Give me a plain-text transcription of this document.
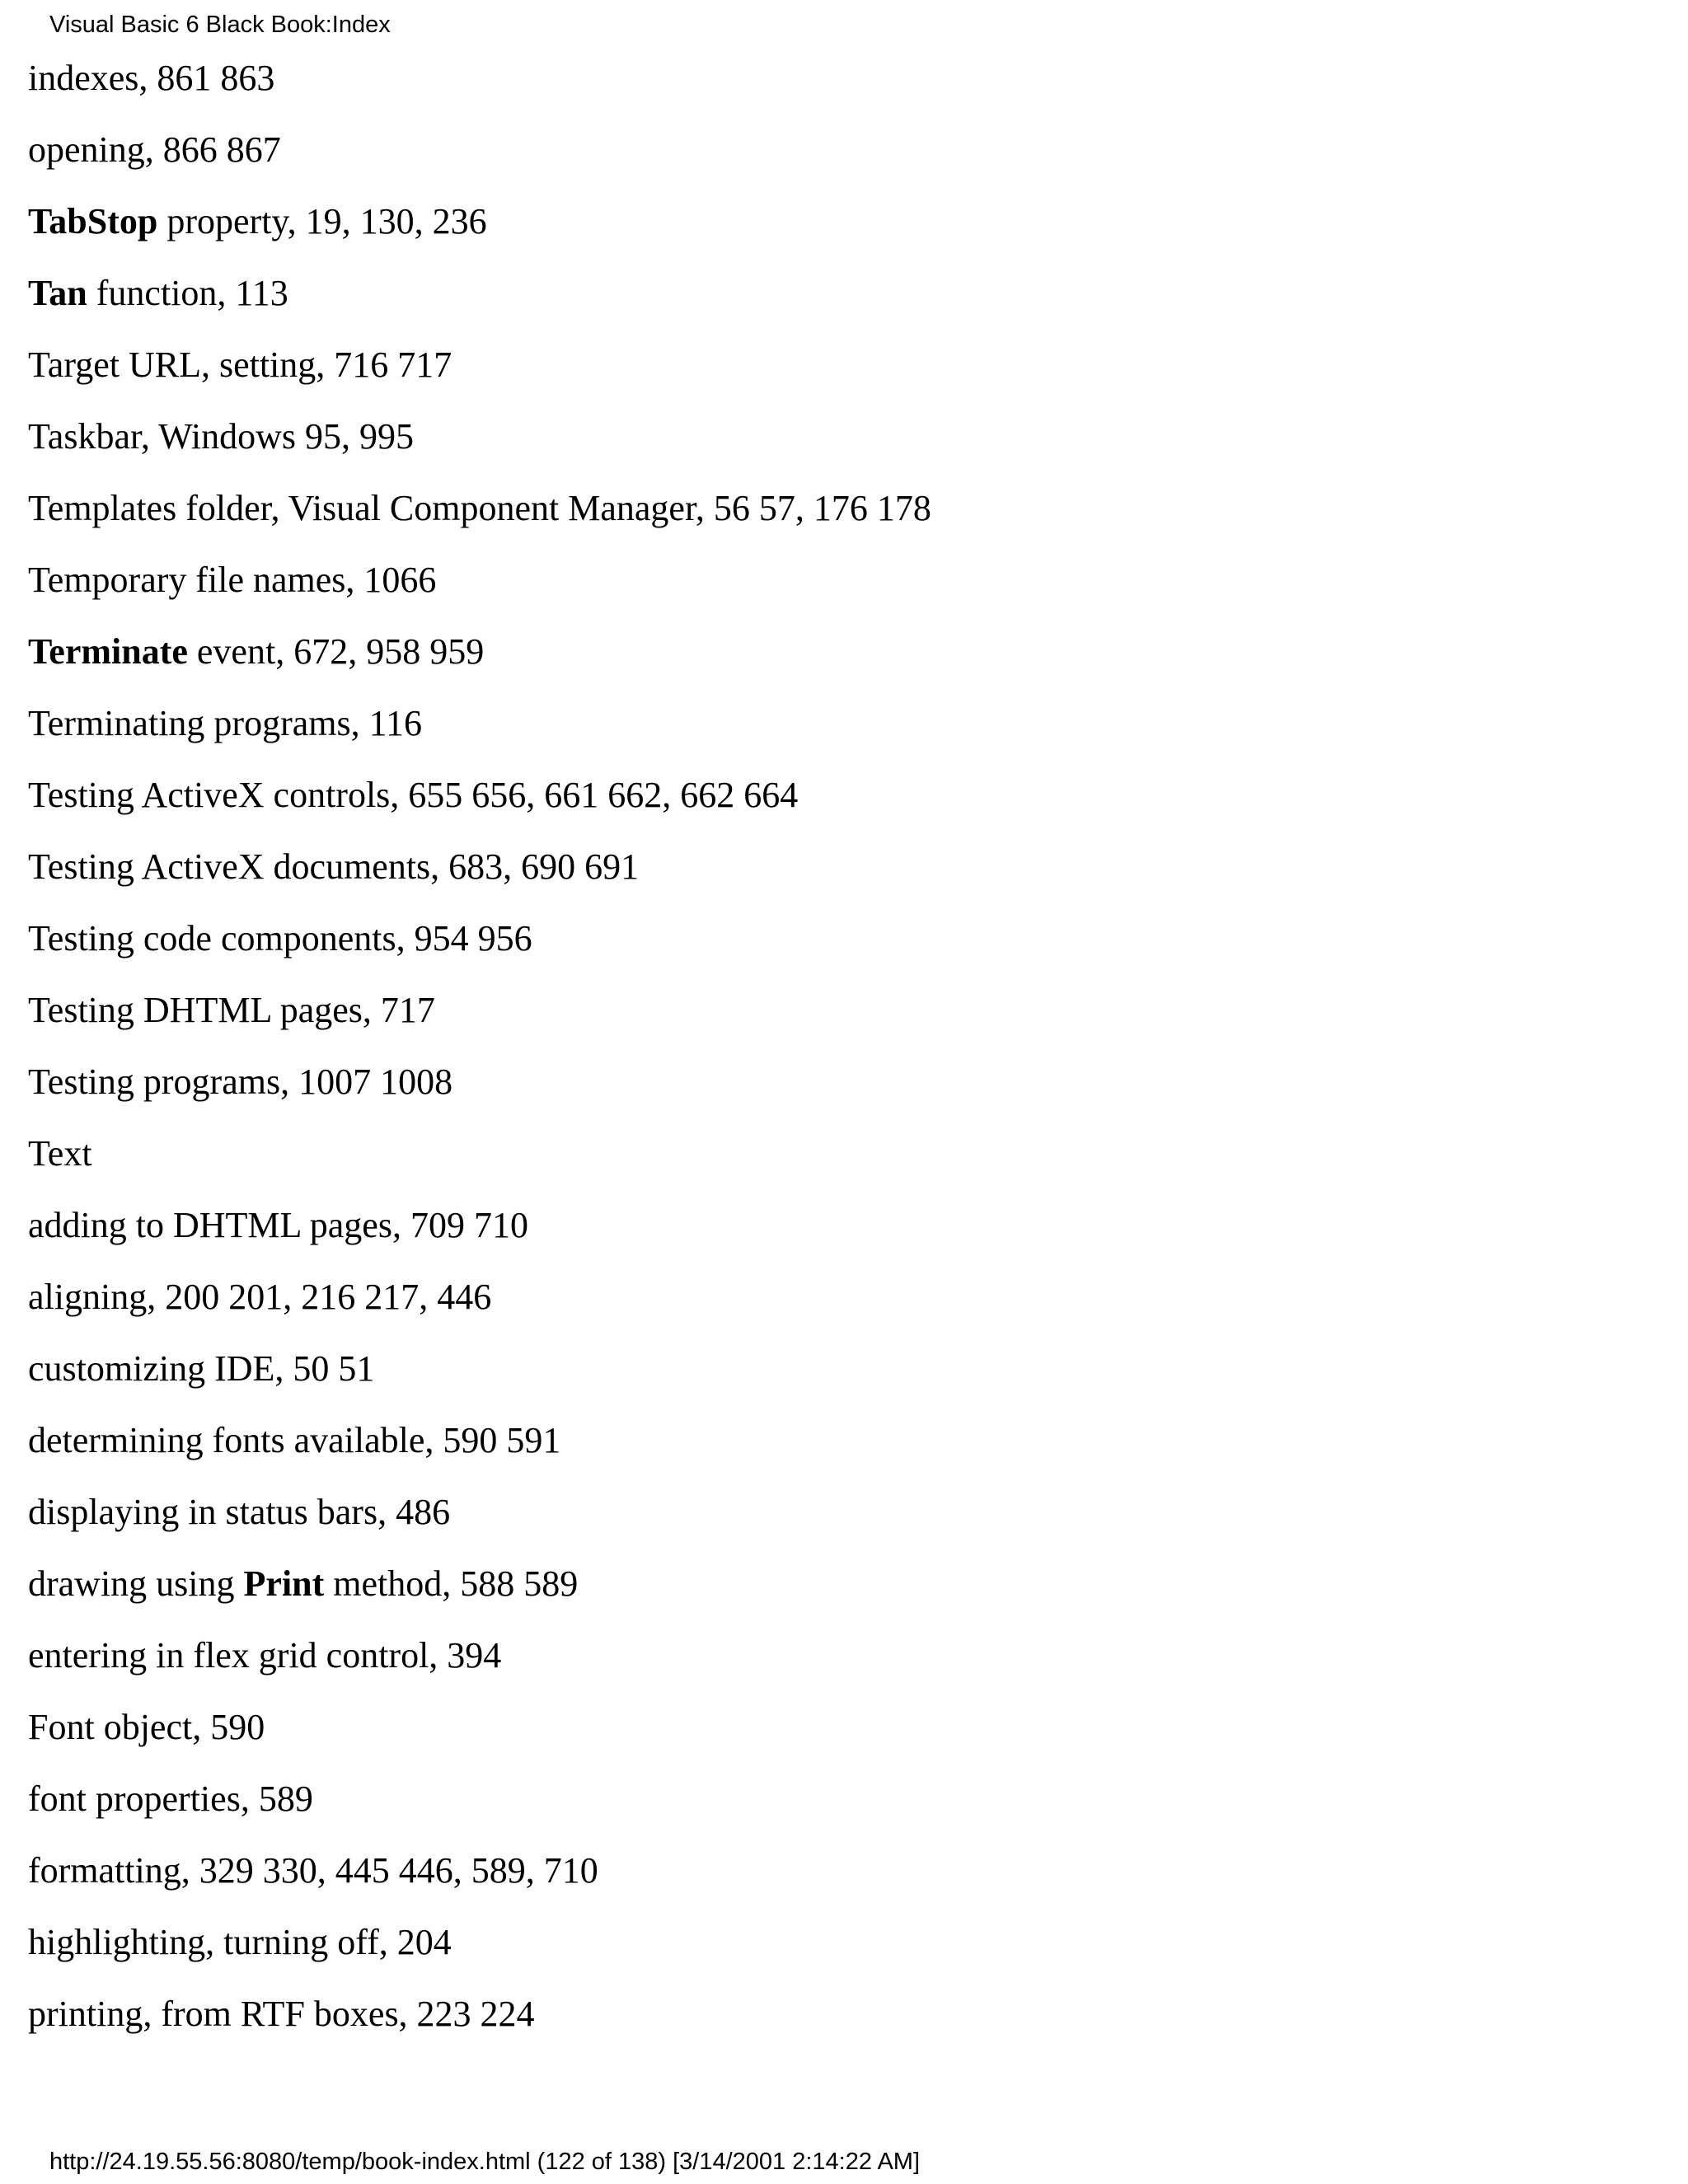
Visual Basic 6 Black Book:Index
indexes, 861 863
opening, 866 867
TabStop property, 19, 130, 236
Tan function, 113
Target URL, setting, 716 717
Taskbar, Windows 95, 995
Templates folder, Visual Component Manager, 56 57, 176 178
Temporary file names, 1066
Terminate event, 672, 958 959
Terminating programs, 116
Testing ActiveX controls, 655 656, 661 662, 662 664
Testing ActiveX documents, 683, 690 691
Testing code components, 954 956
Testing DHTML pages, 717
Testing programs, 1007 1008
Text
adding to DHTML pages, 709 710
aligning, 200 201, 216 217, 446
customizing IDE, 50 51
determining fonts available, 590 591
displaying in status bars, 486
drawing using Print method, 588 589
entering in flex grid control, 394
Font object, 590
font properties, 589
formatting, 329 330, 445 446, 589, 710
highlighting, turning off, 204
printing, from RTF boxes, 223 224
http://24.19.55.56:8080/temp/book-index.html (122 of 138) [3/14/2001 2:14:22 AM]
